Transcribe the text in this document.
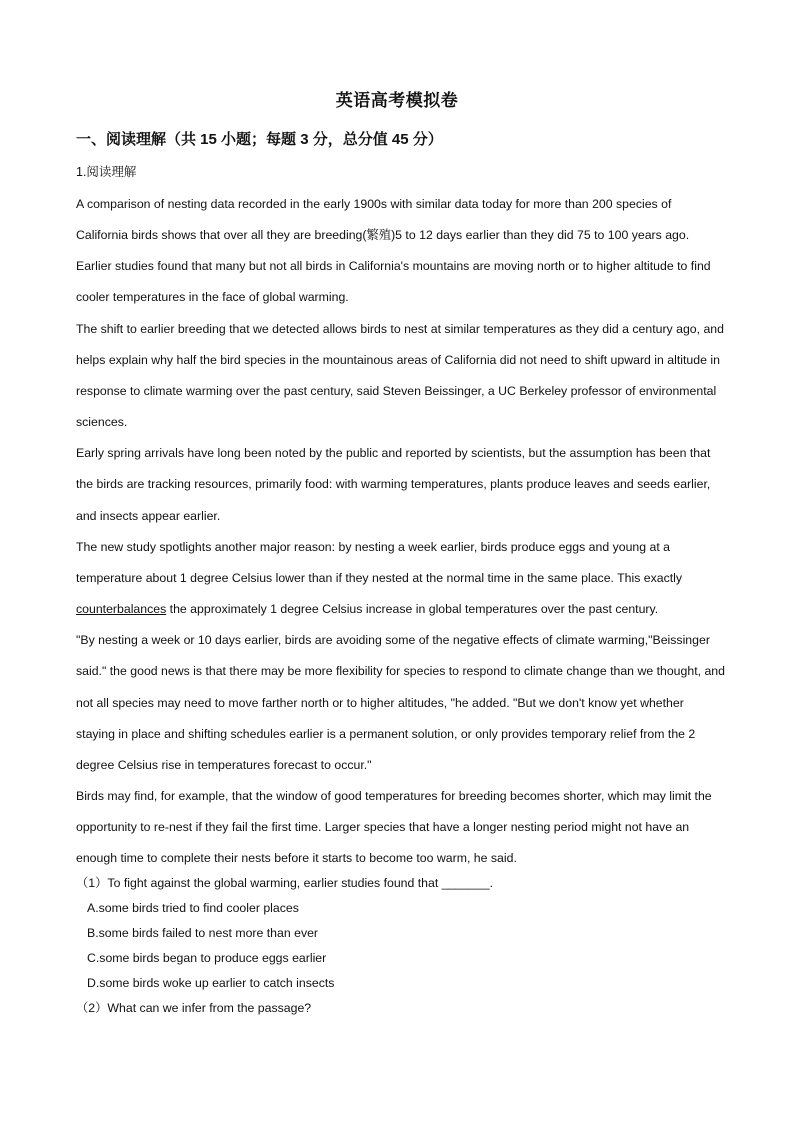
英语高考模拟卷
一、阅读理解（共 15 小题；每题 3 分，总分值 45 分）
1.阅读理解

A comparison of nesting data recorded in the early 1900s with similar data today for more than 200 species of California birds shows that over all they are breeding(繁殖)5 to 12 days earlier than they did 75 to 100 years ago. Earlier studies found that many but not all birds in California's mountains are moving north or to higher altitude to find cooler temperatures in the face of global warming.

The shift to earlier breeding that we detected allows birds to nest at similar temperatures as they did a century ago, and helps explain why half the bird species in the mountainous areas of California did not need to shift upward in altitude in response to climate warming over the past century, said Steven Beissinger, a UC Berkeley professor of environmental sciences.

Early spring arrivals have long been noted by the public and reported by scientists, but the assumption has been that the birds are tracking resources, primarily food: with warming temperatures, plants produce leaves and seeds earlier, and insects appear earlier.

The new study spotlights another major reason: by nesting a week earlier, birds produce eggs and young at a temperature about 1 degree Celsius lower than if they nested at the normal time in the same place. This exactly counterbalances the approximately 1 degree Celsius increase in global temperatures over the past century.

"By nesting a week or 10 days earlier, birds are avoiding some of the negative effects of climate warming,"Beissinger said." the good news is that there may be more flexibility for species to respond to climate change than we thought, and not all species may need to move farther north or to higher altitudes, "he added. "But we don't know yet whether staying in place and shifting schedules earlier is a permanent solution, or only provides temporary relief from the 2 degree Celsius rise in temperatures forecast to occur."

Birds may find, for example, that the window of good temperatures for breeding becomes shorter, which may limit the opportunity to re-nest if they fail the first time. Larger species that have a longer nesting period might not have an enough time to complete their nests before it starts to become too warm, he said.

（1）To fight against the global warming, earlier studies found that _______.

A.some birds tried to find cooler places

B.some birds failed to nest more than ever

C.some birds began to produce eggs earlier

D.some birds woke up earlier to catch insects

（2）What can we infer from the passage?
